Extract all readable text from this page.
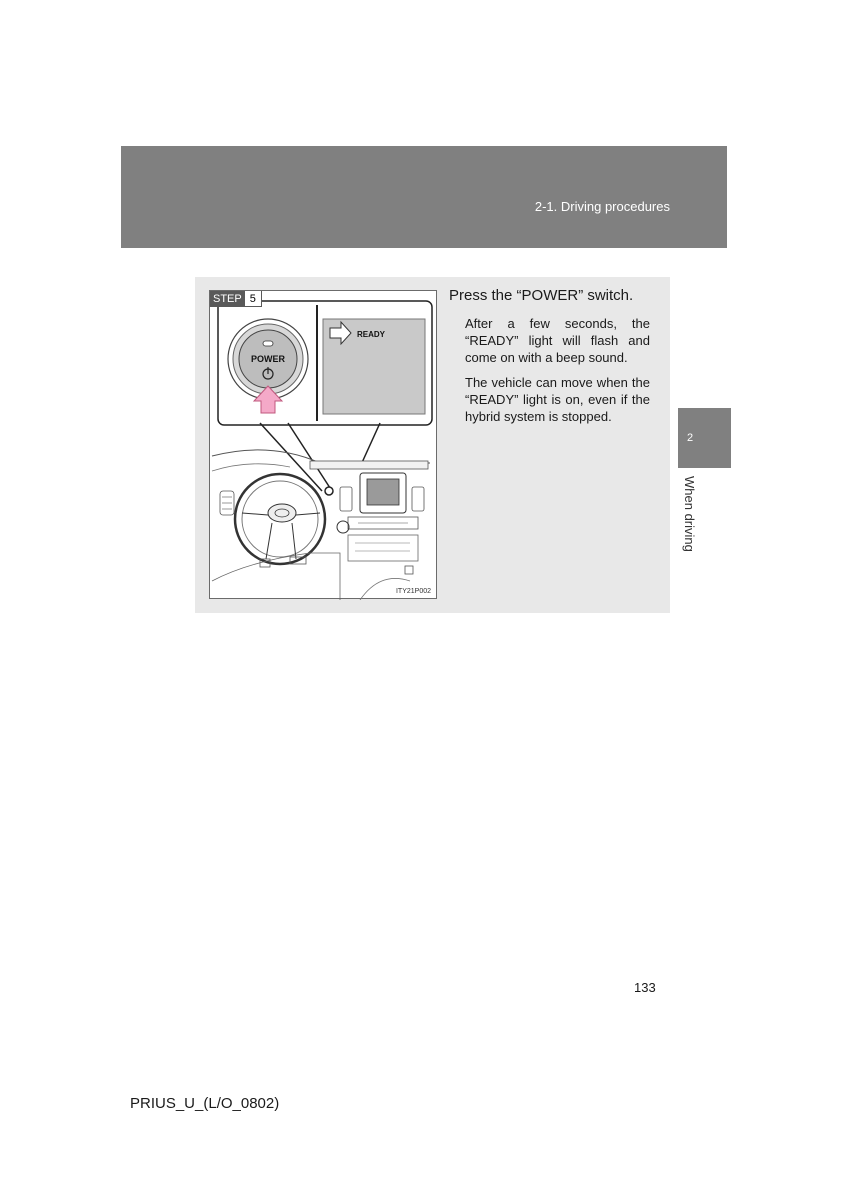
2-1. Driving procedures
2
When driving
POWER
READY
STEP 5
ITY21P002
Press the “POWER” switch.

After a few seconds, the “READY” light will flash and come on with a beep sound.

The vehicle can move when the “READY” light is on, even if the hybrid system is stopped.

133
PRIUS_U_(L/O_0802)
